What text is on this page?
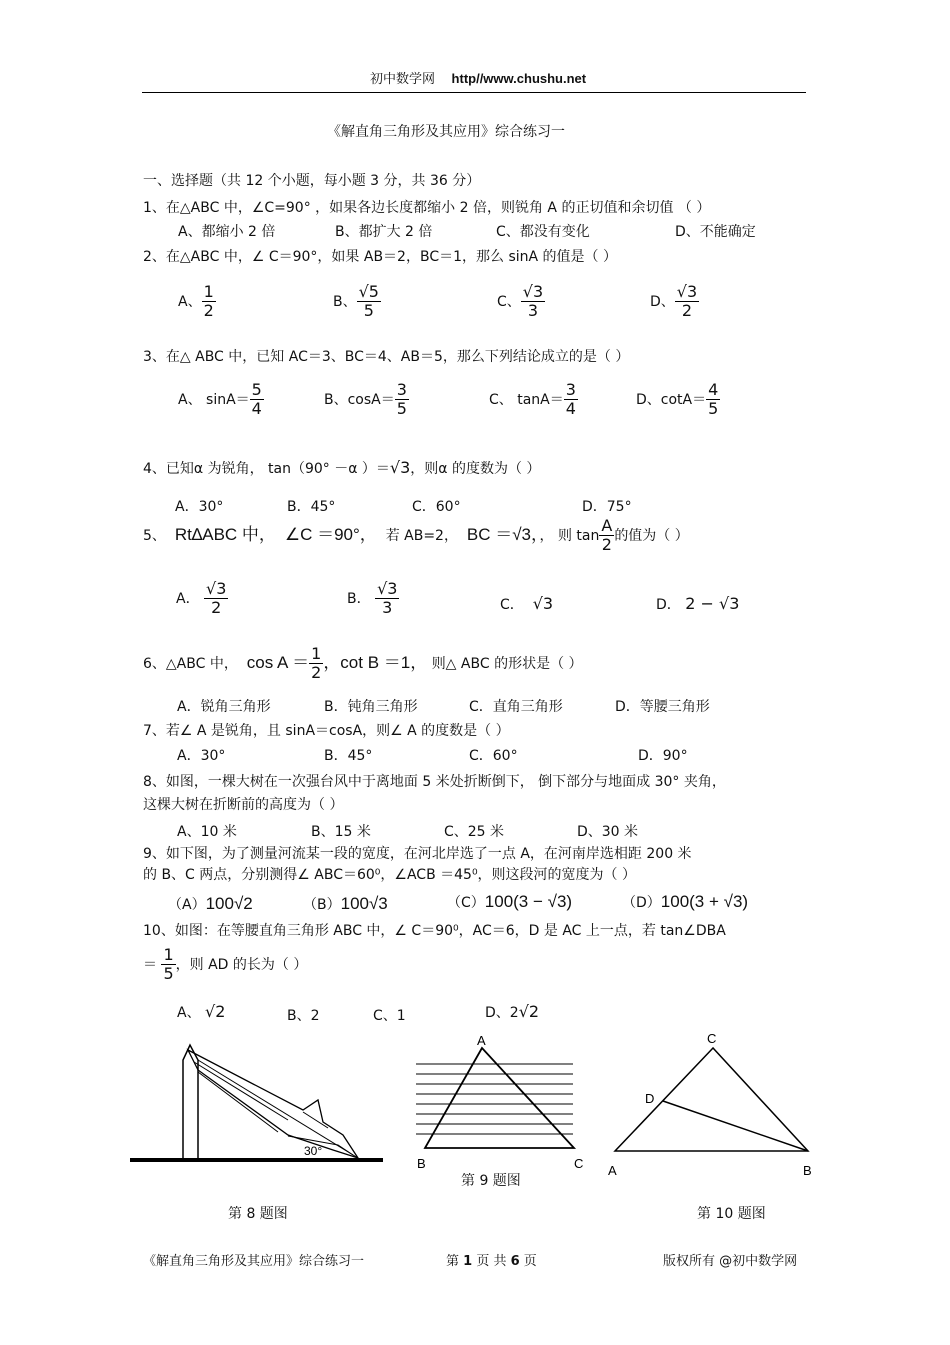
初中数学网 http//www.chushu.net
《解直角三角形及其应用》综合练习一
一、选择题（共 12 个小题，每小题 3 分，共 36 分）
1、在△ABC 中，∠C=90° ，如果各边长度都缩小 2 倍，则锐角 A 的正切值和余切值 （ ）
A、都缩小 2 倍	B、都扩大 2 倍	C、都没有变化	D、不能确定
2、在△ABC 中，∠ C＝90°，如果 AB＝2，BC＝1，那么 sinA 的值是（ ）
A、 $\frac{1}{2}$	B、 $\frac{√5}{5}$	C、 $\frac{√3}{3}$	D、 $\frac{√3}{2}$
3、在△ ABC 中，已知 AC＝3、BC＝4、AB＝5，那么下列结论成立的是（ ）
A、 $\sin A= \frac{5}{4}$	B、$\cos A= \frac{3}{5}$	C、 $\tan A= \frac{3}{4}$	D、$\cot A= \frac{4}{5}$
4、已知α 为锐角， tan（90° －α ）＝√3，则α 的度数为（ ）
A．30°	B．45°	C．60°	D．75°
5、 Rt∆ABC 中， ∠C ＝90°， 若 AB=2， BC ＝√3，， 则 $\tan \frac{A}{2}$ 的值为（ ）
A． $\frac{√3}{2}$	B． $\frac{√3}{3}$	C． √3	D． 2 − √3
6、△ABC 中， $\cos A = \frac{1}{2}$ ，cot B ＝1， 则△ ABC 的形状是（ ）
A．锐角三角形	B．钝角三角形	C．直角三角形	D．等腰三角形
7、若∠ A 是锐角，且 sinA＝cosA，则∠ A 的度数是（ ）
A．30°	B．45°	C．60°	D．90°
8、如图，一棵大树在一次强台风中于离地面 5 米处折断倒下， 倒下部分与地面成 30° 夹角，
这棵大树在折断前的高度为（ ）
A、10 米	B、15 米	C、25 米	D、30 米
9、如下图，为了测量河流某一段的宽度，在河北岸选了一点 A，在河南岸选相距 200 米
的 B、C 两点，分别测得∠ ABC＝60⁰，∠ACB ＝45⁰，则这段河的宽度为（ ）
（A）100√2	（B）100√3	（C）100(3 − √3)	（D）100(3 + √3)
10、如图：在等腰直角三角形 ABC 中，∠ C＝90⁰，AC＝6，D 是 AC 上一点，若 tan∠DBA
＝ $\frac{1}{5}$ ，则 AD 的长为（ ）
A、 √2	B、2	C、1	D、2√2
30°
第 8 题图
A
B	C
第 9 题图
C
D
A	B
第 10 题图
《解直角三角形及其应用》综合练习一	第 1 页 共 6 页	版权所有 @初中数学网
